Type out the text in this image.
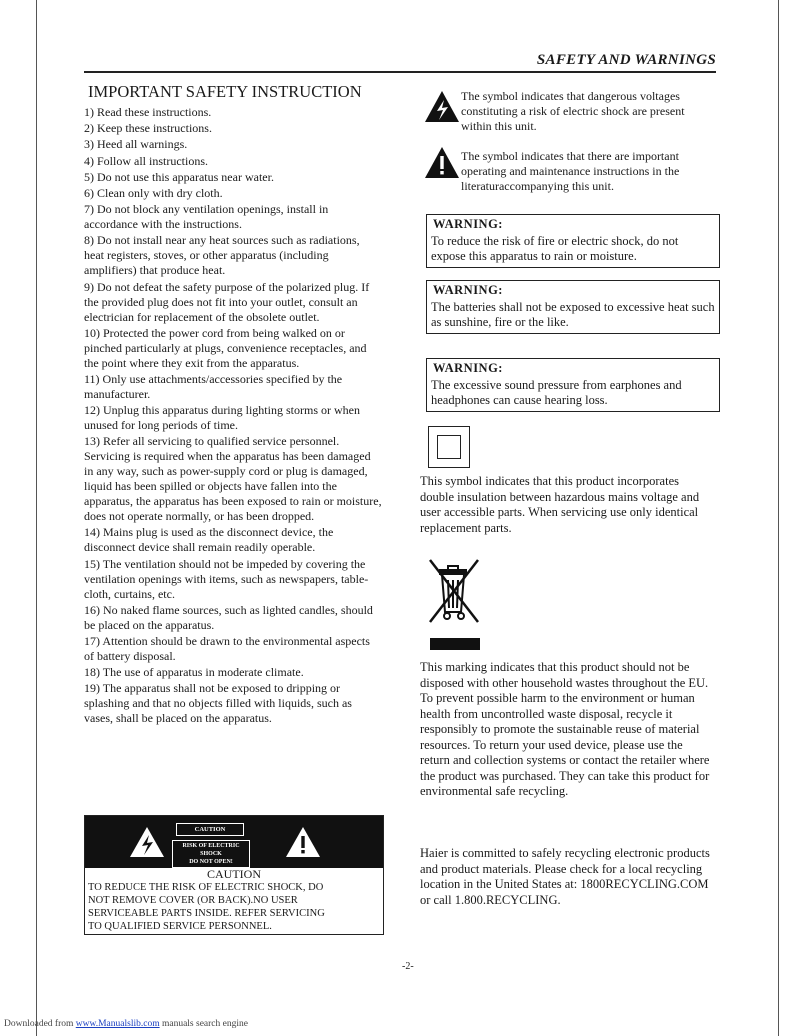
SAFETY AND WARNINGS
IMPORTANT SAFETY INSTRUCTION
1) Read these instructions.
2) Keep these instructions.
3) Heed all warnings.
4) Follow all instructions.
5) Do not use this apparatus near water.
6) Clean only with dry cloth.
7) Do not block any ventilation openings, install in accordance with the instructions.
8) Do not install near any heat sources such as radiations, heat registers, stoves, or other apparatus (including amplifiers) that produce heat.
9) Do not defeat the safety purpose of the polarized plug. If the provided plug does not fit into your outlet, consult an electrician for replacement of the obsolete outlet.
10) Protected the power cord from being walked on or pinched particularly at plugs, convenience receptacles, and the point where they exit from the apparatus.
11) Only use attachments/accessories specified by the manufacturer.
12) Unplug this apparatus during lighting storms or when unused for long periods of time.
13) Refer all servicing to qualified service personnel. Servicing is required when the apparatus has been damaged in any way, such as power-supply cord or plug is damaged, liquid has been spilled or objects have fallen into the apparatus, the apparatus has been exposed to rain or moisture, does not operate normally, or has been dropped.
14) Mains plug is used as the disconnect device, the disconnect device shall remain readily operable.
15) The ventilation should not be impeded by covering the ventilation openings with items, such as newspapers, table-cloth, curtains, etc.
16) No naked flame sources, such as lighted candles, should be placed on the apparatus.
17) Attention should be drawn to the environmental aspects of battery disposal.
18) The use of apparatus in moderate climate.
19) The apparatus shall not be exposed to dripping or splashing and that no objects filled with liquids, such as vases, shall be placed on the apparatus.
CAUTION
RISK OF ELECTRIC SHOCK
DO NOT OPEN!
CAUTION
TO REDUCE THE RISK OF ELECTRIC SHOCK, DO
NOT REMOVE COVER (OR BACK).NO USER
SERVICEABLE PARTS INSIDE. REFER SERVICING
TO QUALIFIED SERVICE PERSONNEL.
The symbol indicates that dangerous voltages constituting a risk of electric shock are present within this unit.
The symbol indicates that there are important operating and maintenance instructions in the literaturaccompanying this unit.
WARNING:
To reduce the risk of fire or electric shock, do not expose this apparatus to rain or moisture.
WARNING:
The batteries shall not be exposed to excessive heat such as sunshine, fire or the like.
WARNING:
The excessive sound pressure from earphones and headphones can cause hearing loss.
This symbol indicates that this product incorporates double insulation between hazardous mains voltage and user accessible parts. When servicing use only identical replacement parts.
This marking indicates that this product should not be disposed with other household wastes throughout the EU. To prevent possible harm to the environment or human health from uncontrolled waste disposal, recycle it responsibly to promote the sustainable reuse of material resources. To return your used device, please use the return and collection systems or contact the retailer where the product was purchased. They can take this product for environmental safe recycling.
Haier is committed to safely recycling electronic products and product materials. Please check for a local recycling location in the United States at: 1800RECYCLING.COM or call 1.800.RECYCLING.
-2-
Downloaded from www.Manualslib.com manuals search engine
